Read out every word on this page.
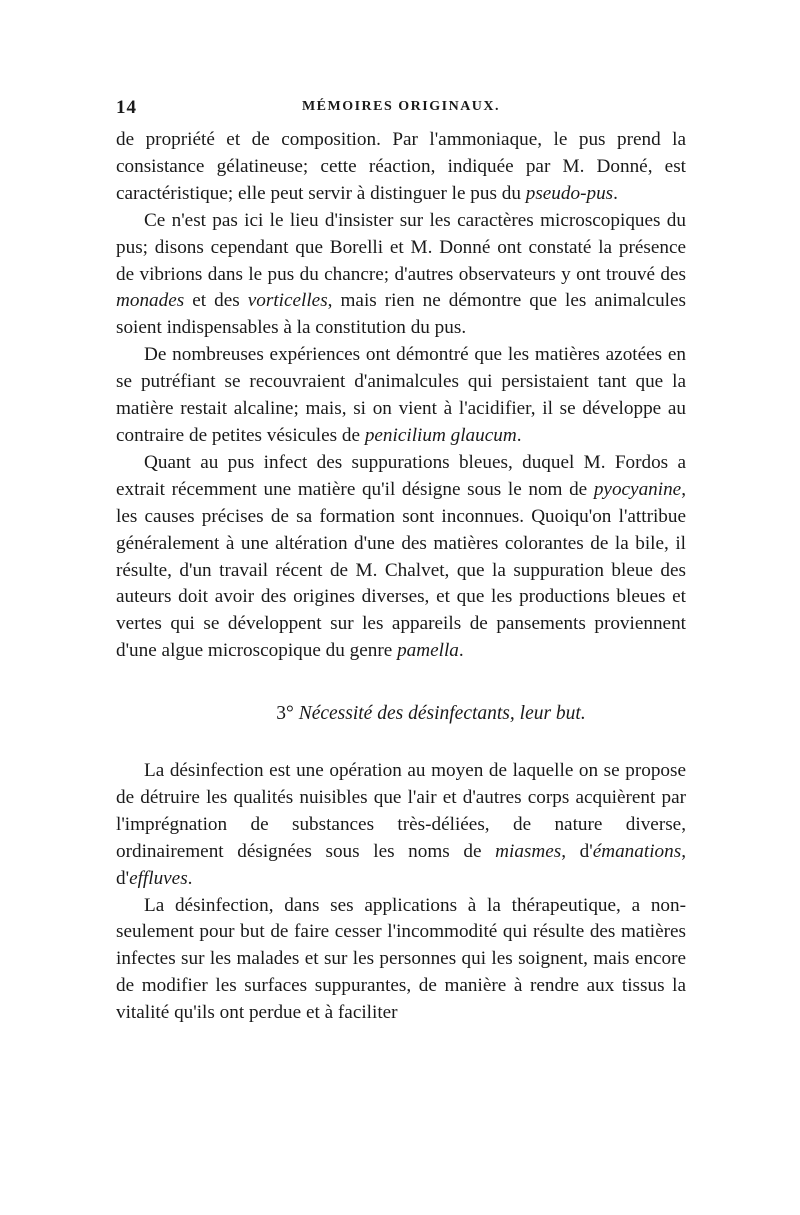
14	MÉMOIRES ORIGINAUX.

de propriété et de composition. Par l'ammoniaque, le pus prend la consistance gélatineuse; cette réaction, indiquée par M. Donné, est caractéristique; elle peut servir à distinguer le pus du pseudo-pus.

Ce n'est pas ici le lieu d'insister sur les caractères microscopiques du pus; disons cependant que Borelli et M. Donné ont constaté la présence de vibrions dans le pus du chancre; d'autres observateurs y ont trouvé des monades et des vorticelles, mais rien ne démontre que les animalcules soient indispensables à la constitution du pus.

De nombreuses expériences ont démontré que les matières azotées en se putréfiant se recouvraient d'animalcules qui persistaient tant que la matière restait alcaline; mais, si on vient à l'acidifier, il se développe au contraire de petites vésicules de penicilium glaucum.

Quant au pus infect des suppurations bleues, duquel M. Fordos a extrait récemment une matière qu'il désigne sous le nom de pyocyanine, les causes précises de sa formation sont inconnues. Quoiqu'on l'attribue généralement à une altération d'une des matières colorantes de la bile, il résulte, d'un travail récent de M. Chalvet, que la suppuration bleue des auteurs doit avoir des origines diverses, et que les productions bleues et vertes qui se développent sur les appareils de pansements proviennent d'une algue microscopique du genre pamella.

3° Nécessité des désinfectants, leur but.

La désinfection est une opération au moyen de laquelle on se propose de détruire les qualités nuisibles que l'air et d'autres corps acquièrent par l'imprégnation de substances très-déliées, de nature diverse, ordinairement désignées sous les noms de miasmes, d'émanations, d'effluves.

La désinfection, dans ses applications à la thérapeutique, a non-seulement pour but de faire cesser l'incommodité qui résulte des matières infectes sur les malades et sur les personnes qui les soignent, mais encore de modifier les surfaces suppurantes, de manière à rendre aux tissus la vitalité qu'ils ont perdue et à faciliter
